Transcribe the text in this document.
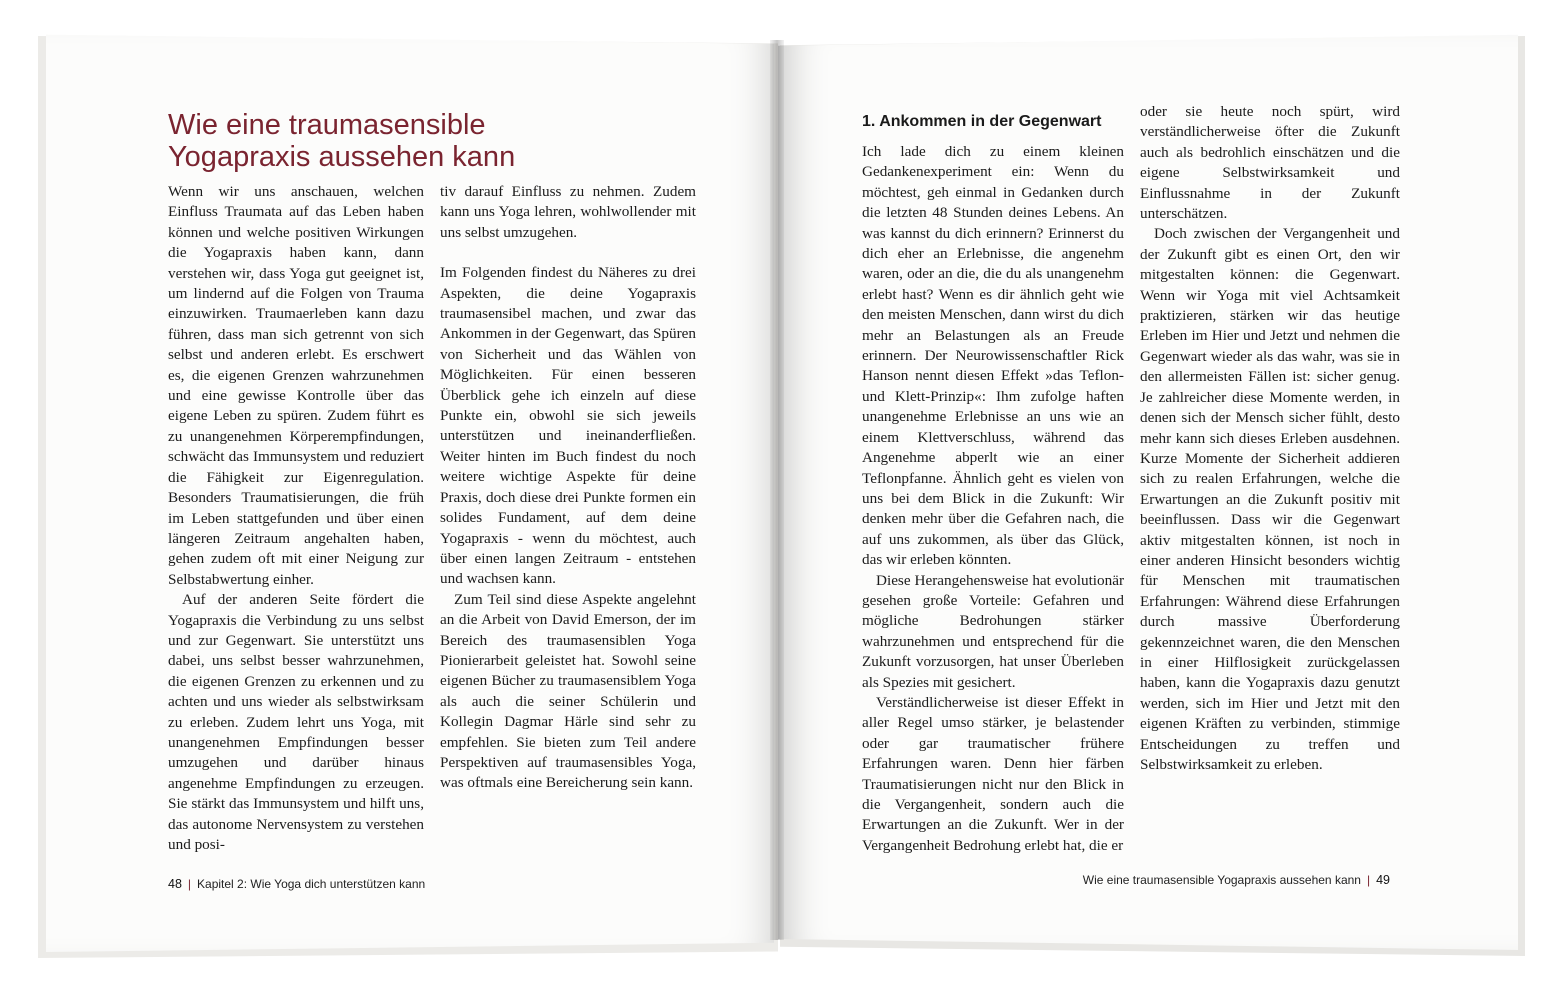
Wie eine traumasensible Yogapraxis aussehen kann

Wenn wir uns anschauen, welchen Einfluss Traumata auf das Leben haben können und welche positiven Wirkungen die Yogapraxis haben kann, dann verstehen wir, dass Yoga gut geeignet ist, um lindernd auf die Folgen von Trauma einzuwirken. Traumaerleben kann dazu führen, dass man sich getrennt von sich selbst und anderen erlebt. Es erschwert es, die eigenen Grenzen wahrzunehmen und eine gewisse Kontrolle über das eigene Leben zu spüren. Zudem führt es zu unangenehmen Körperempfindungen, schwächt das Immunsystem und reduziert die Fähigkeit zur Eigenregulation. Besonders Traumatisierungen, die früh im Leben stattgefunden und über einen längeren Zeitraum angehalten haben, gehen zudem oft mit einer Neigung zur Selbstabwertung einher.

Auf der anderen Seite fördert die Yogapraxis die Verbindung zu uns selbst und zur Gegenwart. Sie unterstützt uns dabei, uns selbst besser wahrzunehmen, die eigenen Grenzen zu erkennen und zu achten und uns wieder als selbstwirksam zu erleben. Zudem lehrt uns Yoga, mit unangenehmen Empfindungen besser umzugehen und darüber hinaus angenehme Empfindungen zu erzeugen. Sie stärkt das Immunsystem und hilft uns, das autonome Nervensystem zu verstehen und posi-

tiv darauf Einfluss zu nehmen. Zudem kann uns Yoga lehren, wohlwollender mit uns selbst umzugehen.

Im Folgenden findest du Näheres zu drei Aspekten, die deine Yogapraxis traumasensibel machen, und zwar das Ankommen in der Gegenwart, das Spüren von Sicherheit und das Wählen von Möglichkeiten. Für einen besseren Überblick gehe ich einzeln auf diese Punkte ein, obwohl sie sich jeweils unterstützen und ineinanderfließen. Weiter hinten im Buch findest du noch weitere wichtige Aspekte für deine Praxis, doch diese drei Punkte formen ein solides Fundament, auf dem deine Yogapraxis - wenn du möchtest, auch über einen langen Zeitraum - entstehen und wachsen kann.

Zum Teil sind diese Aspekte angelehnt an die Arbeit von David Emerson, der im Bereich des traumasensiblen Yoga Pionierarbeit geleistet hat. Sowohl seine eigenen Bücher zu traumasensiblem Yoga als auch die seiner Schülerin und Kollegin Dagmar Härle sind sehr zu empfehlen. Sie bieten zum Teil andere Perspektiven auf traumasensibles Yoga, was oftmals eine Bereicherung sein kann.

1. Ankommen in der Gegenwart

Ich lade dich zu einem kleinen Gedankenexperiment ein: Wenn du möchtest, geh einmal in Gedanken durch die letzten 48 Stunden deines Lebens. An was kannst du dich erinnern? Erinnerst du dich eher an Erlebnisse, die angenehm waren, oder an die, die du als unangenehm erlebt hast? Wenn es dir ähnlich geht wie den meisten Menschen, dann wirst du dich mehr an Belastungen als an Freude erinnern. Der Neurowissenschaftler Rick Hanson nennt diesen Effekt »das Teflon- und Klett-Prinzip«: Ihm zufolge haften unangenehme Erlebnisse an uns wie an einem Klettverschluss, während das Angenehme abperlt wie an einer Teflonpfanne. Ähnlich geht es vielen von uns bei dem Blick in die Zukunft: Wir denken mehr über die Gefahren nach, die auf uns zukommen, als über das Glück, das wir erleben könnten.

Diese Herangehensweise hat evolutionär gesehen große Vorteile: Gefahren und mögliche Bedrohungen stärker wahrzunehmen und entsprechend für die Zukunft vorzusorgen, hat unser Überleben als Spezies mit gesichert.

Verständlicherweise ist dieser Effekt in aller Regel umso stärker, je belastender oder gar traumatischer frühere Erfahrungen waren. Denn hier färben Traumatisierungen nicht nur den Blick in die Vergangenheit, sondern auch die Erwartungen an die Zukunft. Wer in der Vergangenheit Bedrohung erlebt hat, die er

oder sie heute noch spürt, wird verständlicherweise öfter die Zukunft auch als bedrohlich einschätzen und die eigene Selbstwirksamkeit und Einflussnahme in der Zukunft unterschätzen.

Doch zwischen der Vergangenheit und der Zukunft gibt es einen Ort, den wir mitgestalten können: die Gegenwart. Wenn wir Yoga mit viel Achtsamkeit praktizieren, stärken wir das heutige Erleben im Hier und Jetzt und nehmen die Gegenwart wieder als das wahr, was sie in den allermeisten Fällen ist: sicher genug. Je zahlreicher diese Momente werden, in denen sich der Mensch sicher fühlt, desto mehr kann sich dieses Erleben ausdehnen. Kurze Momente der Sicherheit addieren sich zu realen Erfahrungen, welche die Erwartungen an die Zukunft positiv mit beeinflussen. Dass wir die Gegenwart aktiv mitgestalten können, ist noch in einer anderen Hinsicht besonders wichtig für Menschen mit traumatischen Erfahrungen: Während diese Erfahrungen durch massive Überforderung gekennzeichnet waren, die den Menschen in einer Hilflosigkeit zurückgelassen haben, kann die Yogapraxis dazu genutzt werden, sich im Hier und Jetzt mit den eigenen Kräften zu verbinden, stimmige Entscheidungen zu treffen und Selbstwirksamkeit zu erleben.

48 | Kapitel 2: Wie Yoga dich unterstützen kann	Wie eine traumasensible Yogapraxis aussehen kann | 49
